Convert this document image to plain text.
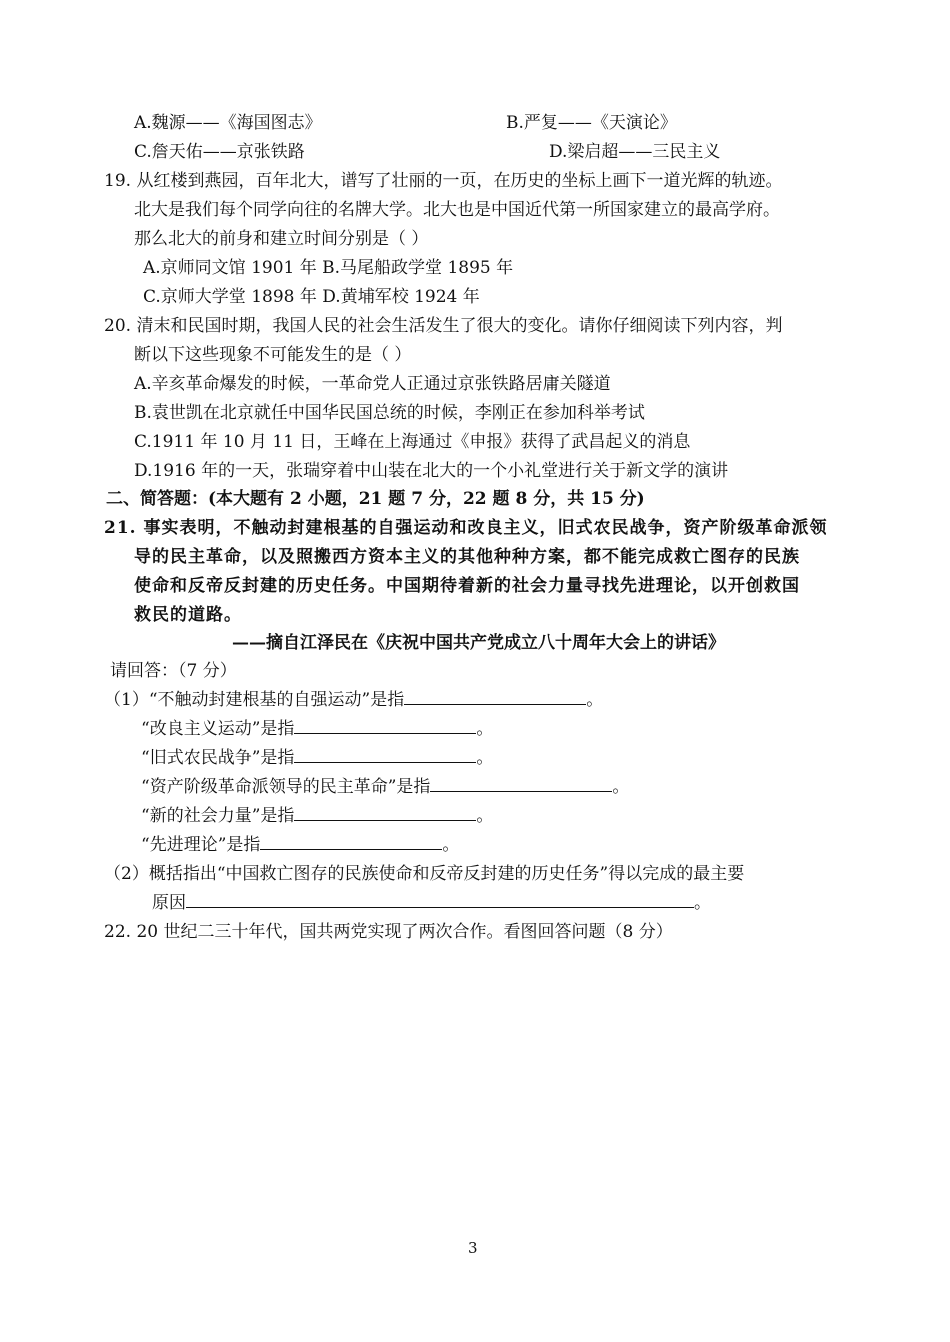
A.魏源——《海国图志》	B.严复——《天演论》
C.詹天佑——京张铁路	D.梁启超——三民主义
19. 从红楼到燕园，百年北大，谱写了壮丽的一页，在历史的坐标上画下一道光辉的轨迹。
北大是我们每个同学向往的名牌大学。北大也是中国近代第一所国家建立的最高学府。
那么北大的前身和建立时间分别是（ ）
A.京师同文馆 1901 年 B.马尾船政学堂 1895 年
C.京师大学堂 1898 年 D.黄埔军校 1924 年
20. 清末和民国时期，我国人民的社会生活发生了很大的变化。请你仔细阅读下列内容，判
断以下这些现象不可能发生的是（ ）
A.辛亥革命爆发的时候，一革命党人正通过京张铁路居庸关隧道
B.袁世凯在北京就任中国华民国总统的时候，李刚正在参加科举考试
C.1911 年 10 月 11 日，王峰在上海通过《申报》获得了武昌起义的消息
D.1916 年的一天，张瑞穿着中山装在北大的一个小礼堂进行关于新文学的演讲
二、简答题：(本大题有 2 小题，21 题 7 分，22 题 8 分，共 15 分)
21. 事实表明，不触动封建根基的自强运动和改良主义，旧式农民战争，资产阶级革命派领
导的民主革命，以及照搬西方资本主义的其他种种方案，都不能完成救亡图存的民族
使命和反帝反封建的历史任务。中国期待着新的社会力量寻找先进理论，以开创救国
救民的道路。
——摘自江泽民在《庆祝中国共产党成立八十周年大会上的讲话》
请回答：（7 分）
（1）“不触动封建根基的自强运动”是指	。
“改良主义运动”是指	。
“旧式农民战争”是指	。
“资产阶级革命派领导的民主革命”是指	。
“新的社会力量”是指	。
“先进理论”是指	。
（2）概括指出“中国救亡图存的民族使命和反帝反封建的历史任务”得以完成的最主要
原因	。
22. 20 世纪二三十年代，国共两党实现了两次合作。看图回答问题（8 分）
3
